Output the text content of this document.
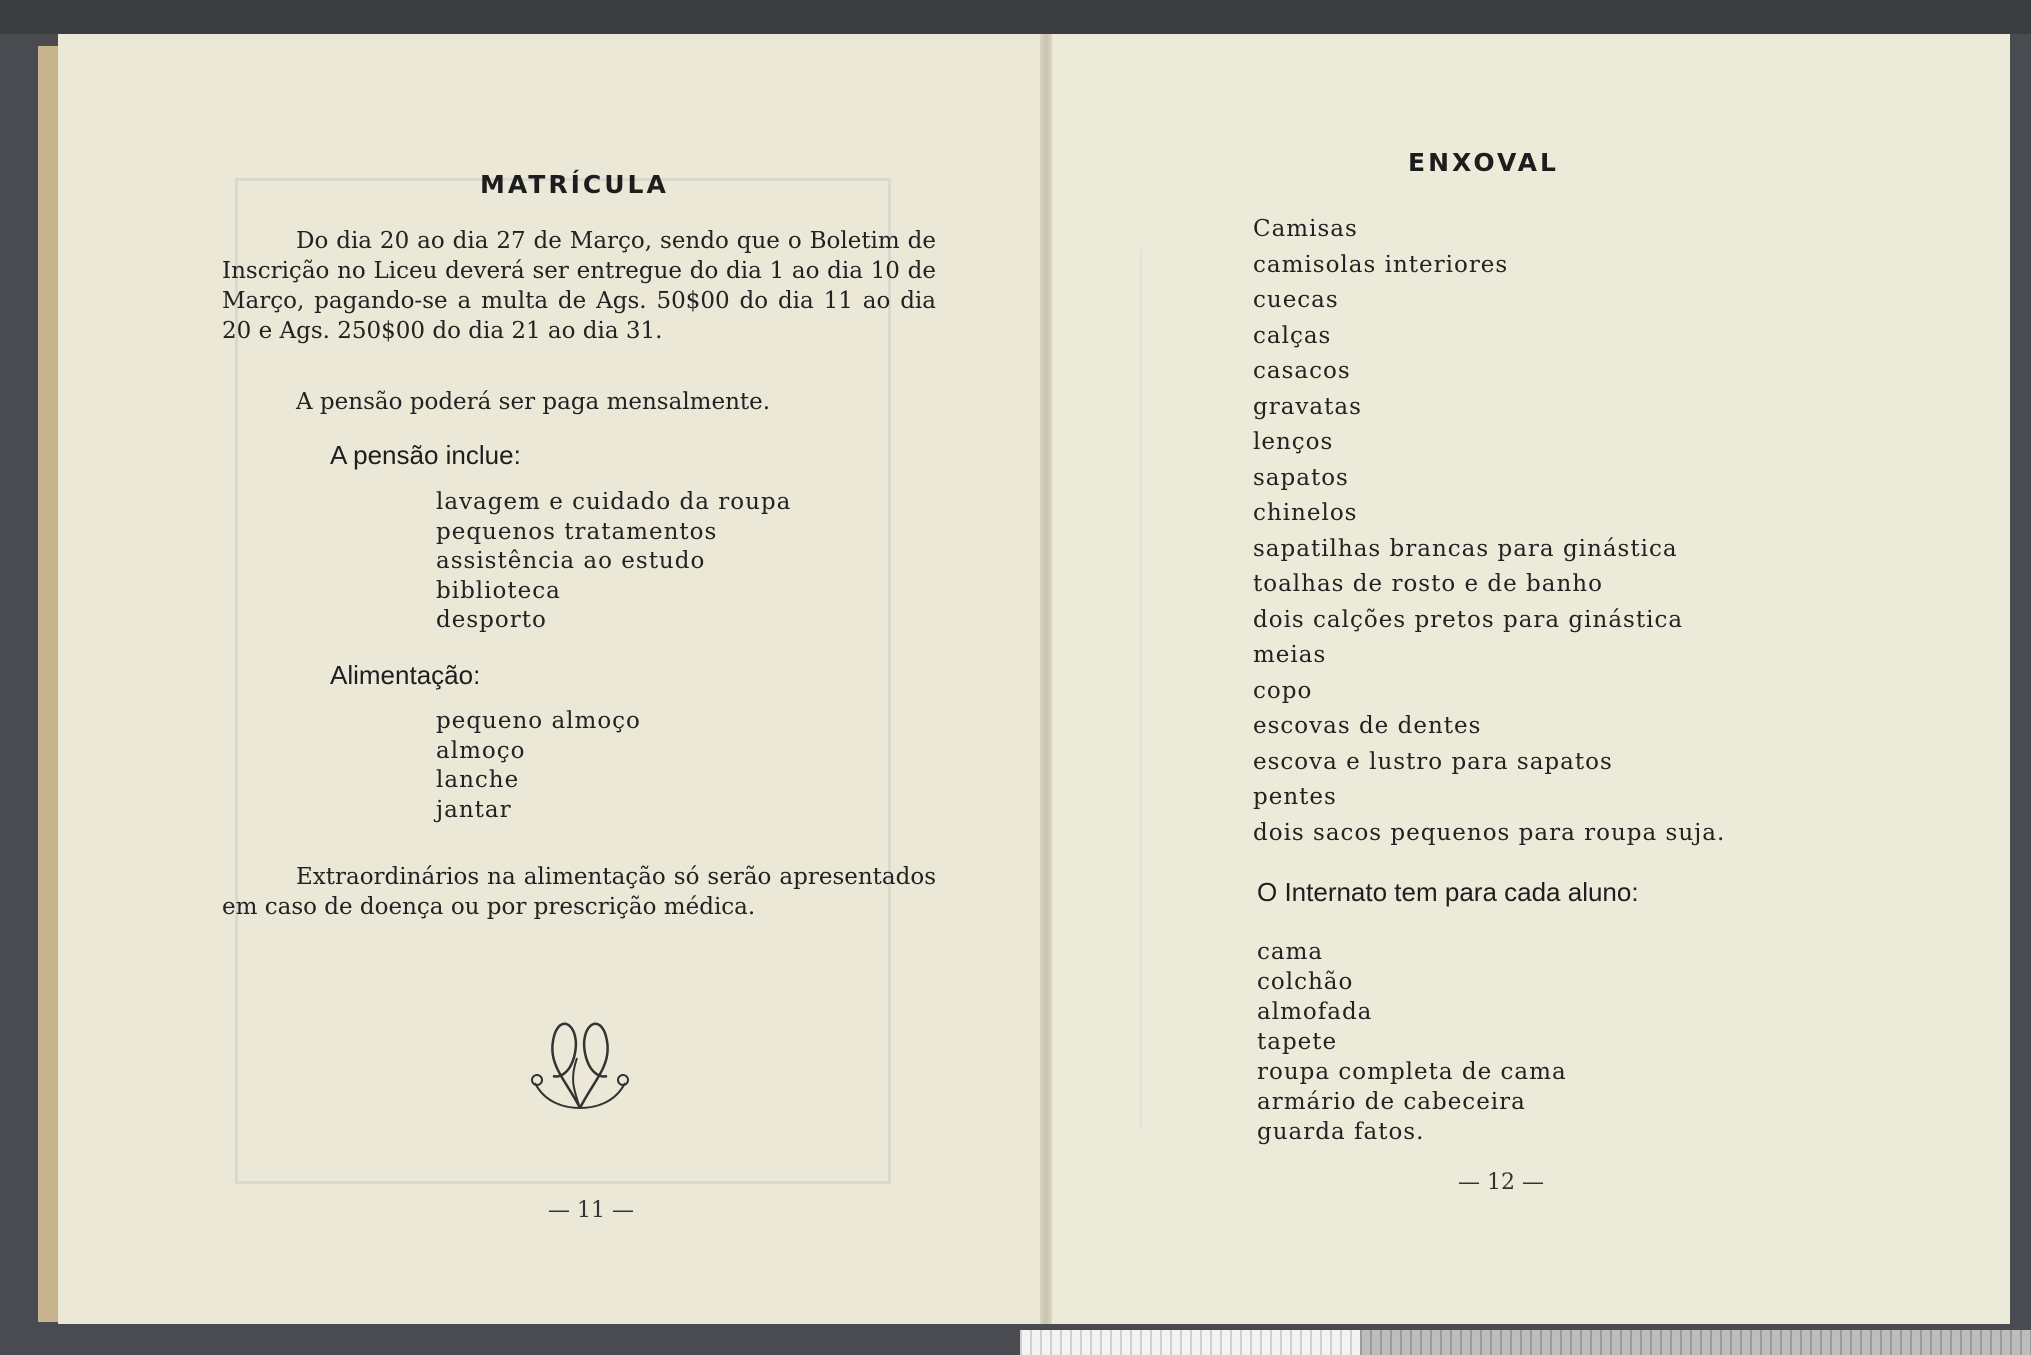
MATRÍCULA

Do dia 20 ao dia 27 de Março, sendo que o Boletim de Inscrição no Liceu deverá ser entregue do dia 1 ao dia 10 de Março, pagando-se a multa de Ags. 50$00 do dia 11 ao dia 20 e Ags. 250$00 do dia 21 ao dia 31.

A pensão poderá ser paga mensalmente.

A pensão inclue:

lavagem e cuidado da roupa
pequenos tratamentos
assistência ao estudo
biblioteca
desporto

Alimentação:

pequeno almoço
almoço
lanche
jantar

Extraordinários na alimentação só serão apresentados em caso de doença ou por prescrição médica.

— 11 —

ENXOVAL
Camisas
camisolas interiores
cuecas
calças
casacos
gravatas
lenços
sapatos
chinelos
sapatilhas brancas para ginástica
toalhas de rosto e de banho
dois calções pretos para ginástica
meias
copo
escovas de dentes
escova e lustro para sapatos
pentes
dois sacos pequenos para roupa suja.

O Internato tem para cada aluno:

cama
colchão
almofada
tapete
roupa completa de cama
armário de cabeceira
guarda fatos.

— 12 —
